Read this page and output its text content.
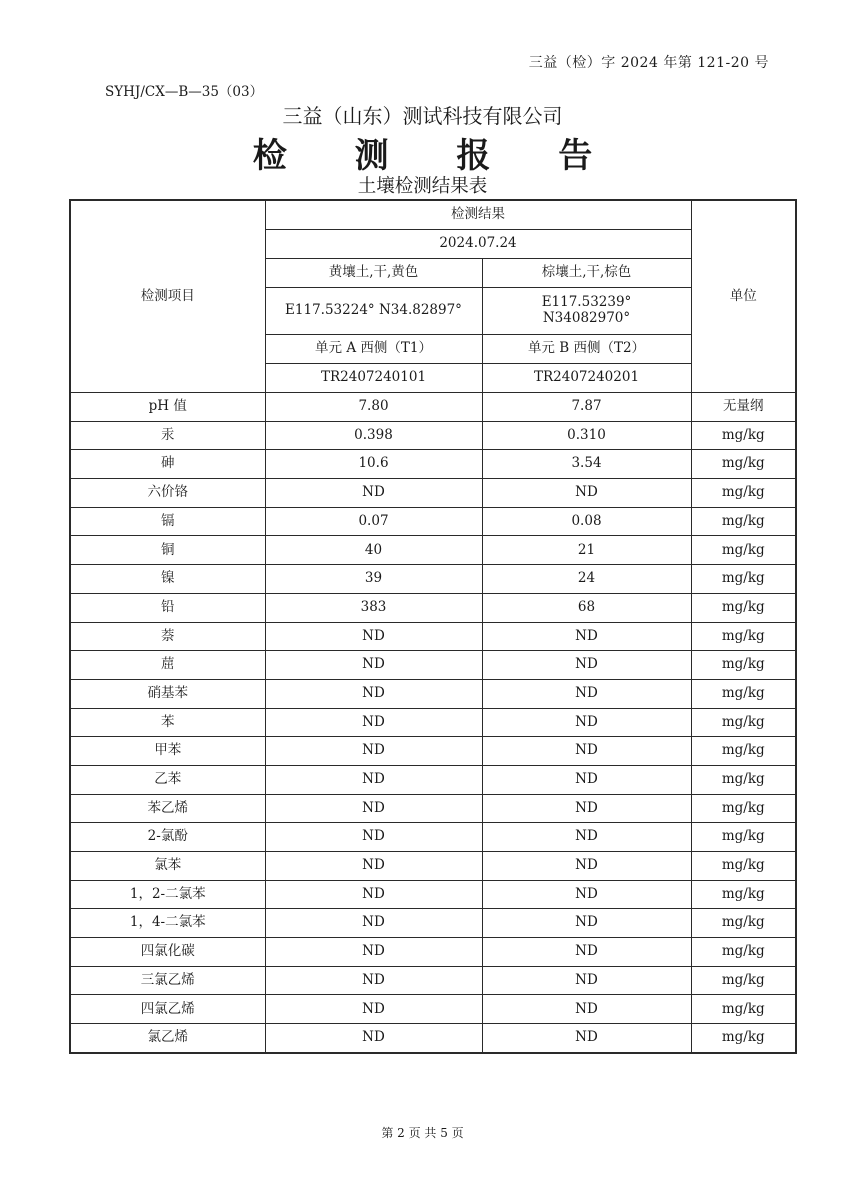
三益（检）字 2024 年第 121-20 号
SYHJ/CX—B—35（03）
三益（山东）测试科技有限公司
检 测 报 告
土壤检测结果表
检测项目	检测结果		单位
	2024.07.24		
	黄壤土,干,黄色	棕壤土,干,棕色	
	E117.53224° N34.82897°	E117.53239°
N34082970°	
	单元 A 西侧（T1）	单元 B 西侧（T2）	
	TR2407240101	TR2407240201	
pH 值	7.80	7.87	无量纲
汞	0.398	0.310	mg/kg
砷	10.6	3.54	mg/kg
六价铬	ND	ND	mg/kg
镉	0.07	0.08	mg/kg
铜	40	21	mg/kg
镍	39	24	mg/kg
铅	383	68	mg/kg
萘	ND	ND	mg/kg
䓛	ND	ND	mg/kg
硝基苯	ND	ND	mg/kg
苯	ND	ND	mg/kg
甲苯	ND	ND	mg/kg
乙苯	ND	ND	mg/kg
苯乙烯	ND	ND	mg/kg
2-氯酚	ND	ND	mg/kg
氯苯	ND	ND	mg/kg
1，2-二氯苯	ND	ND	mg/kg
1，4-二氯苯	ND	ND	mg/kg
四氯化碳	ND	ND	mg/kg
三氯乙烯	ND	ND	mg/kg
四氯乙烯	ND	ND	mg/kg
氯乙烯	ND	ND	mg/kg
第 2 页 共 5 页
